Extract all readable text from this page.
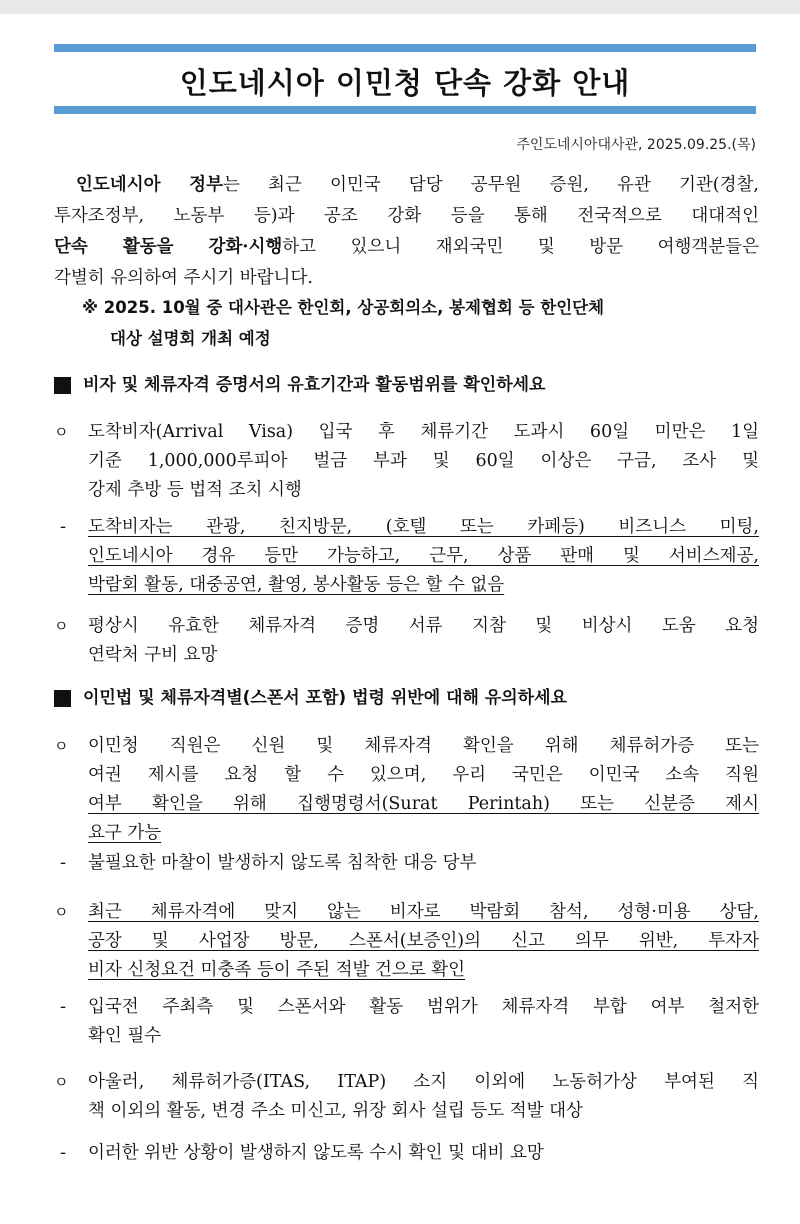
인도네시아 이민청 단속 강화 안내
주인도네시아대사관, 2025.09.25.(목)
인도네시아 정부는 최근 이민국 담당 공무원 증원, 유관 기관(경찰,
투자조정부, 노동부 등)과 공조 강화 등을 통해 전국적으로 대대적인
단속 활동을 강화·시행하고 있으니 재외국민 및 방문 여행객분들은
각별히 유의하여 주시기 바랍니다.
※ 2025. 10월 중 대사관은 한인회, 상공회의소, 봉제협회 등 한인단체
대상 설명회 개최 예정
비자 및 체류자격 증명서의 유효기간과 활동범위를 확인하세요
ㅇ 도착비자(Arrival Visa) 입국 후 체류기간 도과시 60일 미만은 1일
기준 1,000,000루피아 벌금 부과 및 60일 이상은 구금, 조사 및
강제 추방 등 법적 조치 시행
- 도착비자는 관광, 친지방문, (호텔 또는 카페등) 비즈니스 미팅,
인도네시아 경유 등만 가능하고, 근무, 상품 판매 및 서비스제공,
박람회 활동, 대중공연, 촬영, 봉사활동 등은 할 수 없음
ㅇ 평상시 유효한 체류자격 증명 서류 지참 및 비상시 도움 요청
연락처 구비 요망
이민법 및 체류자격별(스폰서 포함) 법령 위반에 대해 유의하세요
ㅇ 이민청 직원은 신원 및 체류자격 확인을 위해 체류허가증 또는
여권 제시를 요청 할 수 있으며, 우리 국민은 이민국 소속 직원
여부 확인을 위해 집행명령서(Surat Perintah) 또는 신분증 제시
요구 가능
- 불필요한 마찰이 발생하지 않도록 침착한 대응 당부
ㅇ 최근 체류자격에 맞지 않는 비자로 박람회 참석, 성형·미용 상담,
공장 및 사업장 방문, 스폰서(보증인)의 신고 의무 위반, 투자자
비자 신청요건 미충족 등이 주된 적발 건으로 확인
- 입국전 주최측 및 스폰서와 활동 범위가 체류자격 부합 여부 철저한
확인 필수
ㅇ 아울러, 체류허가증(ITAS, ITAP) 소지 이외에 노동허가상 부여된 직
책 이외의 활동, 변경 주소 미신고, 위장 회사 설립 등도 적발 대상
- 이러한 위반 상황이 발생하지 않도록 수시 확인 및 대비 요망
